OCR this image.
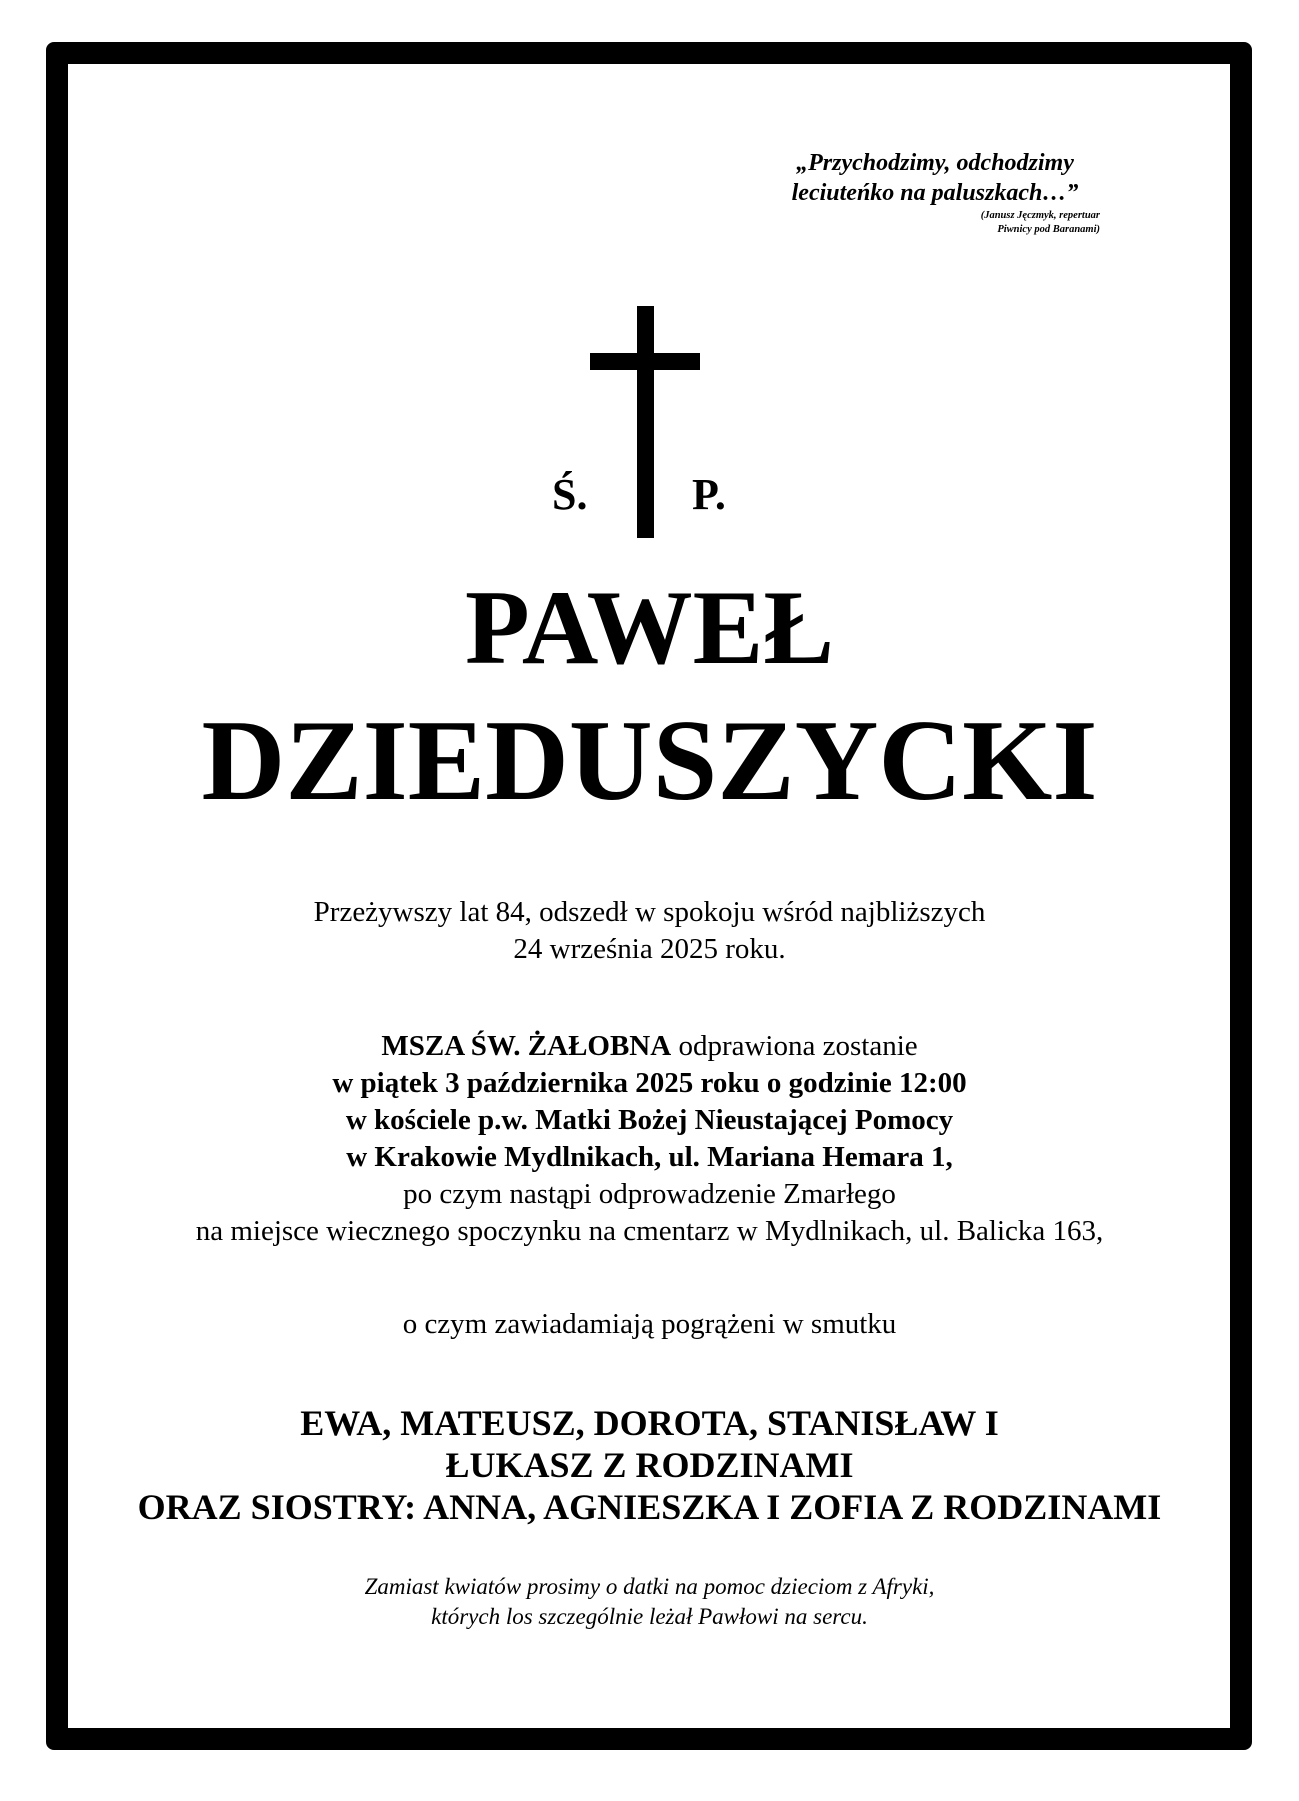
„Przychodzimy, odchodzimy
leciuteńko na paluszkach…”
(Janusz Jęczmyk, repertuar
Piwnicy pod Baranami)
Ś. P.
PAWEŁ
DZIEDUSZYCKI

Przeżywszy lat 84, odszedł w spokoju wśród najbliższych

24 września 2025 roku.

MSZA ŚW. ŻAŁOBNA odprawiona zostanie

w piątek 3 października 2025 roku o godzinie 12:00

w kościele p.w. Matki Bożej Nieustającej Pomocy

w Krakowie Mydlnikach, ul. Mariana Hemara 1,

po czym nastąpi odprowadzenie Zmarłego

na miejsce wiecznego spoczynku na cmentarz w Mydlnikach, ul. Balicka 163,

o czym zawiadamiają pogrążeni w smutku

EWA, MATEUSZ, DOROTA, STANISŁAW I

ŁUKASZ Z RODZINAMI

ORAZ SIOSTRY: ANNA, AGNIESZKA I ZOFIA Z RODZINAMI

Zamiast kwiatów prosimy o datki na pomoc dzieciom z Afryki,

których los szczególnie leżał Pawłowi na sercu.
